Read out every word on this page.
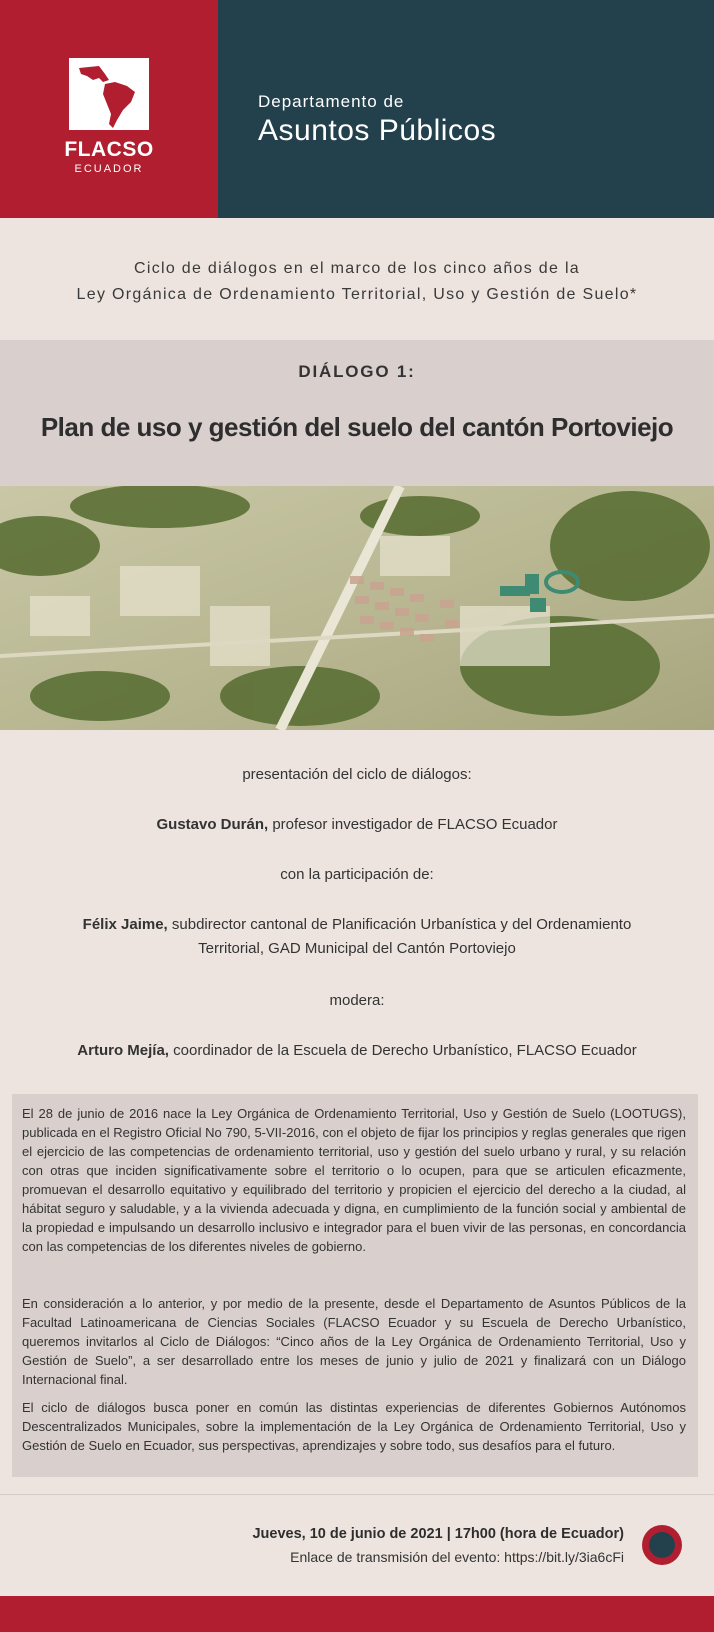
FLACSO
ECUADOR
Departamento de
Asuntos Públicos
Ciclo de diálogos en el marco de los cinco años de la
Ley Orgánica de Ordenamiento Territorial, Uso y Gestión de Suelo*
DIÁLOGO 1:
Plan de uso y gestión del suelo del cantón Portoviejo
presentación del ciclo de diálogos:
Gustavo Durán, profesor investigador de FLACSO Ecuador
con la participación de:
Félix Jaime, subdirector cantonal de Planificación Urbanística y del Ordenamiento
Territorial, GAD Municipal del Cantón Portoviejo
modera:
Arturo Mejía, coordinador de la Escuela de Derecho Urbanístico, FLACSO Ecuador

El 28 de junio de 2016 nace la Ley Orgánica de Ordenamiento Territorial, Uso y Gestión de Suelo (LOOTUGS), publicada en el Registro Oficial No 790, 5-VII-2016, con el objeto de fijar los principios y reglas generales que rigen el ejercicio de las competencias de ordenamiento territorial, uso y gestión del suelo urbano y rural, y su relación con otras que inciden significativamente sobre el territorio o lo ocupen, para que se articulen eficazmente, promuevan el desarrollo equitativo y equilibrado del territorio y propicien el ejercicio del derecho a la ciudad, al hábitat seguro y saludable, y a la vivienda adecuada y digna, en cumplimiento de la función social y ambiental de la propiedad e impulsando un desarrollo inclusivo e integrador para el buen vivir de las personas, en concordancia con las competencias de los diferentes niveles de gobierno.

En consideración a lo anterior, y por medio de la presente, desde el Departamento de Asuntos Públicos de la Facultad Latinoamericana de Ciencias Sociales (FLACSO Ecuador y su Escuela de Derecho Urbanístico, queremos invitarlos al Ciclo de Diálogos: “Cinco años de la Ley Orgánica de Ordenamiento Territorial, Uso y Gestión de Suelo”, a ser desarrollado entre los meses de junio y julio de 2021 y finalizará con un Diálogo Internacional final.

El ciclo de diálogos busca poner en común las distintas experiencias de diferentes Gobiernos Autónomos Descentralizados Municipales, sobre la implementación de la Ley Orgánica de Ordenamiento Territorial, Uso y Gestión de Suelo en Ecuador, sus perspectivas, aprendizajes y sobre todo, sus desafíos para el futuro.

Jueves, 10 de junio de 2021 | 17h00 (hora de Ecuador)
Enlace de transmisión del evento: https://bit.ly/3ia6cFi
